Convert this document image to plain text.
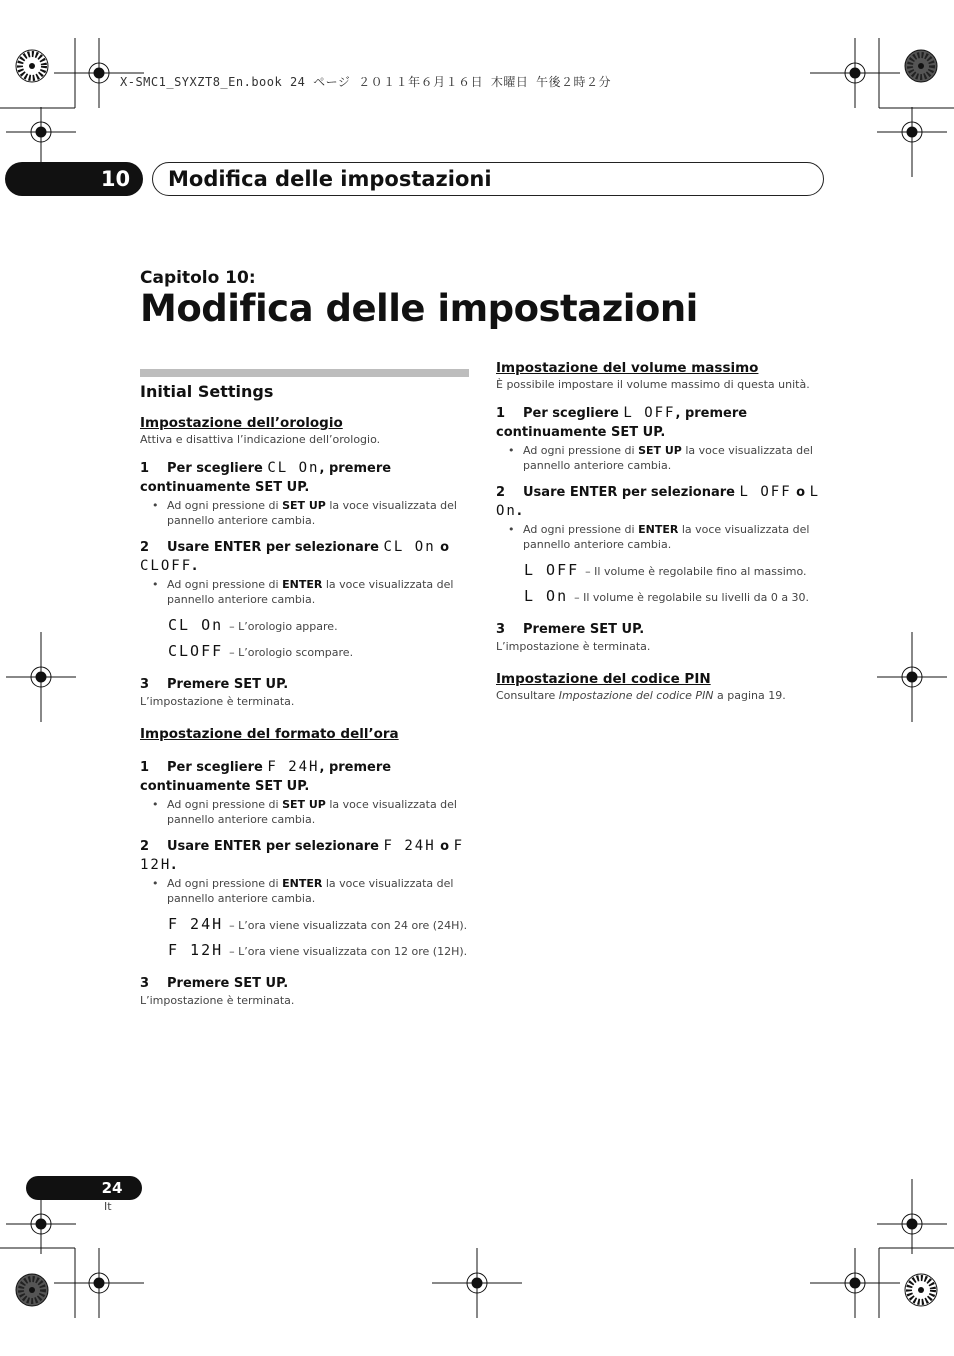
X-SMC1_SYXZT8_En.book 24 ページ ２０１１年６月１６日 木曜日 午後２時２分
10	Modifica delle impostazioni
Capitolo 10:
Modifica delle impostazioni
Initial Settings
Impostazione dell’orologio
Attiva e disattiva l’indicazione dell’orologio.

1 Per scegliere CL On, premere continuamente SET UP.

• Ad ogni pressione di SET UP la voce visualizzata del pannello anteriore cambia.

2 Usare ENTER per selezionare CL On o CLOFF.

• Ad ogni pressione di ENTER la voce visualizzata del pannello anteriore cambia.
CL On – L’orologio appare.
CLOFF – L’orologio scompare.

3 Premere SET UP.

L’impostazione è terminata.
Impostazione del formato dell’ora

1 Per scegliere F 24H, premere continuamente SET UP.

• Ad ogni pressione di SET UP la voce visualizzata del pannello anteriore cambia.

2 Usare ENTER per selezionare F 24H o F 12H.

• Ad ogni pressione di ENTER la voce visualizzata del pannello anteriore cambia.
F 24H – L’ora viene visualizzata con 24 ore (24H).
F 12H – L’ora viene visualizzata con 12 ore (12H).

3 Premere SET UP.

L’impostazione è terminata.
Impostazione del volume massimo
È possibile impostare il volume massimo di questa unità.

1 Per scegliere L OFF, premere continuamente SET UP.

• Ad ogni pressione di SET UP la voce visualizzata del pannello anteriore cambia.

2 Usare ENTER per selezionare L OFF o L On.

• Ad ogni pressione di ENTER la voce visualizzata del pannello anteriore cambia.
L OFF – Il volume è regolabile fino al massimo.
L On – Il volume è regolabile su livelli da 0 a 30.

3 Premere SET UP.

L’impostazione è terminata.
Impostazione del codice PIN
Consultare Impostazione del codice PIN a pagina 19.
24
It
